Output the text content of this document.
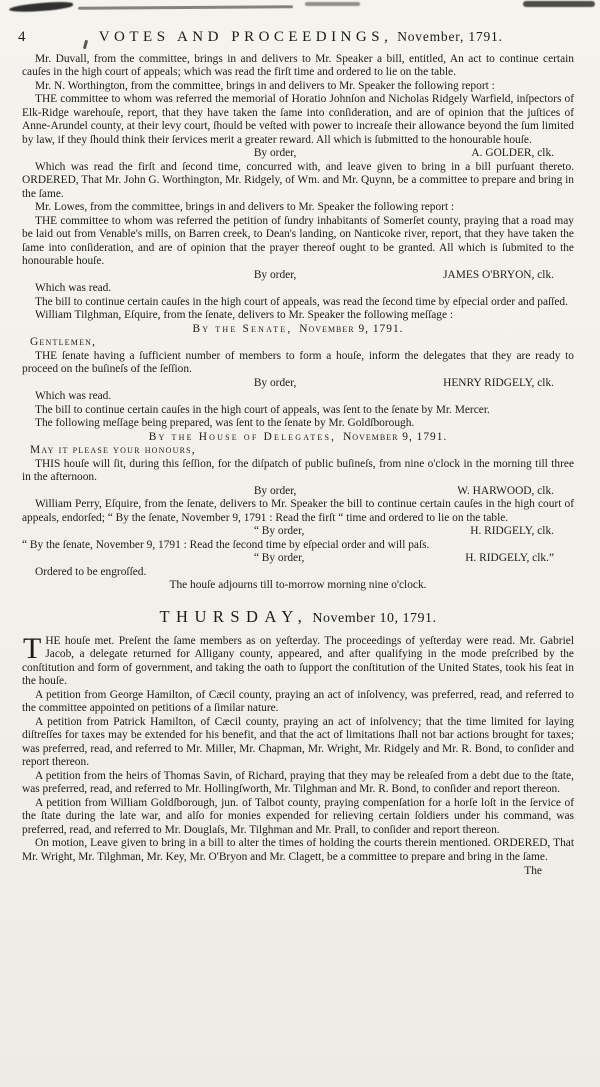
4	VOTES AND PROCEEDINGS, November, 1791.

Mr. Duvall, from the committee, brings in and delivers to Mr. Speaker a bill, entitled, An act to continue certain cauſes in the high court of appeals; which was read the firſt time and ordered to lie on the table.

Mr. N. Worthington, from the committee, brings in and delivers to Mr. Speaker the following report :

THE committee to whom was referred the memorial of Horatio Johnſon and Nicholas Ridgely Warfield, inſpectors of Elk-Ridge warehouſe, report, that they have taken the ſame into conſideration, and are of opinion that the juſtices of Anne-Arundel county, at their levy court, ſhould be veſted with power to increaſe their allowance beyond the ſum limited by law, if they ſhould think their ſervices merit a greater reward. All which is ſubmitted to the honourable houſe.

By order,	A. GOLDER, clk.

Which was read the firſt and ſecond time, concurred with, and leave given to bring in a bill purſuant thereto. ORDERED, That Mr. John G. Worthington, Mr. Ridgely, of Wm. and Mr. Quynn, be a committee to prepare and bring in the ſame.

Mr. Lowes, from the committee, brings in and delivers to Mr. Speaker the following report :

THE committee to whom was referred the petition of ſundry inhabitants of Somerſet county, praying that a road may be laid out from Venable's mills, on Barren creek, to Dean's landing, on Nanticoke river, report, that they have taken the ſame into conſideration, and are of opinion that the prayer thereof ought to be granted. All which is ſubmited to the honourable houſe.

By order,	JAMES O'BRYON, clk.

Which was read.

The bill to continue certain cauſes in the high court of appeals, was read the ſecond time by eſpecial order and paſſed.

William Tilghman, Eſquire, from the ſenate, delivers to Mr. Speaker the following meſſage :

By the Senate, November 9, 1791.

Gentlemen,

THE ſenate having a ſufficient number of members to form a houſe, inform the delegates that they are ready to proceed on the buſineſs of the ſeſſion.

By order,	HENRY RIDGELY, clk.

Which was read.

The bill to continue certain cauſes in the high court of appeals, was ſent to the ſenate by Mr. Mercer.

The following meſſage being prepared, was ſent to the ſenate by Mr. Goldſborough.

By the House of Delegates, November 9, 1791.

May it please your honours,

THIS houſe will ſit, during this ſeſſion, for the diſpatch of public buſineſs, from nine o'clock in the morning till three in the afternoon.

By order,	W. HARWOOD, clk.

William Perry, Eſquire, from the ſenate, delivers to Mr. Speaker the bill to continue certain cauſes in the high court of appeals, endorſed; “ By the ſenate, November 9, 1791 : Read the firſt “ time and ordered to lie on the table.

“ By order,	H. RIDGELY, clk.

“ By the ſenate, November 9, 1791 : Read the ſecond time by eſpecial order and will paſs.

“ By order,	H. RIDGELY, clk.”

Ordered to be engroſſed.

The houſe adjourns till to-morrow morning nine o'clock.

THURSDAY, November 10, 1791.

THE houſe met. Preſent the ſame members as on yeſterday. The proceedings of yeſterday were read. Mr. Gabriel Jacob, a delegate returned for Alligany county, appeared, and after qualifying in the mode preſcribed by the conſtitution and form of government, and taking the oath to ſupport the conſtitution of the United States, took his ſeat in the houſe.

A petition from George Hamilton, of Cæcil county, praying an act of inſolvency, was preferred, read, and referred to the committee appointed on petitions of a ſimilar nature.

A petition from Patrick Hamilton, of Cæcil county, praying an act of inſolvency; that the time limited for laying diſtreſſes for taxes may be extended for his benefit, and that the act of limitations ſhall not bar actions brought for taxes; was preferred, read, and referred to Mr. Miller, Mr. Chapman, Mr. Wright, Mr. Ridgely and Mr. R. Bond, to conſider and report thereon.

A petition from the heirs of Thomas Savin, of Richard, praying that they may be releaſed from a debt due to the ſtate, was preferred, read, and referred to Mr. Hollingſworth, Mr. Tilghman and Mr. R. Bond, to conſider and report thereon.

A petition from William Goldſborough, jun. of Talbot county, praying compenſation for a horſe loſt in the ſervice of the ſtate during the late war, and alſo for monies expended for relieving certain ſoldiers under his command, was preferred, read, and referred to Mr. Douglaſs, Mr. Tilghman and Mr. Prall, to conſider and report thereon.

On motion, Leave given to bring in a bill to alter the times of holding the courts therein mentioned. ORDERED, That Mr. Wright, Mr. Tilghman, Mr. Key, Mr. O'Bryon and Mr. Clagett, be a committee to prepare and bring in the ſame.

The
